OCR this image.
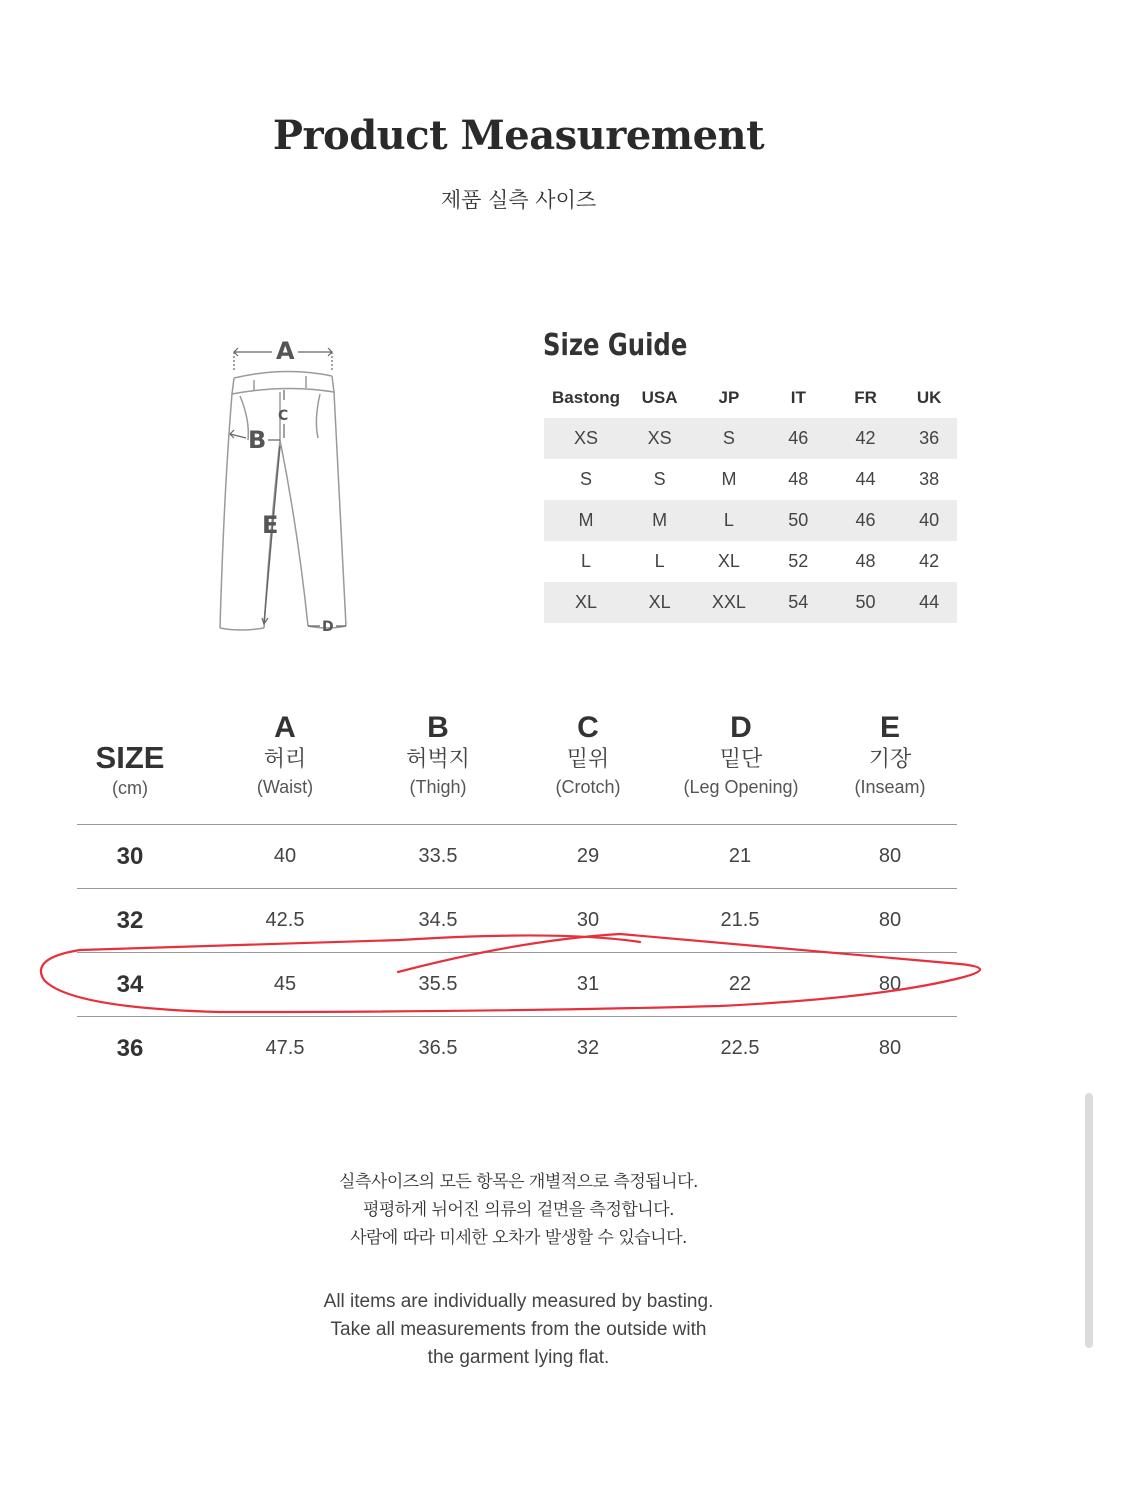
Product Measurement
제품 실측 사이즈
A
B
C
D
E
Size Guide
Bastong	USA	JP	IT	FR	UK
XS	XS	S	46	42	36
S	S	M	48	44	38
M	M	L	50	46	40
L	L	XL	52	48	42
XL	XL	XXL	54	50	44
SIZE
(cm)
A
허리
(Waist)
B
허벅지
(Thigh)
C
밑위
(Crotch)
D
밑단
(Leg Opening)
E
기장
(Inseam)
30	40	33.5	29	21	80
32	42.5	34.5	30	21.5	80
34	45	35.5	31	22	80
36	47.5	36.5	32	22.5	80
실측사이즈의 모든 항목은 개별적으로 측정됩니다.
평평하게 뉘어진 의류의 겉면을 측정합니다.
사람에 따라 미세한 오차가 발생할 수 있습니다.
All items are individually measured by basting.
Take all measurements from the outside with
the garment lying flat.
